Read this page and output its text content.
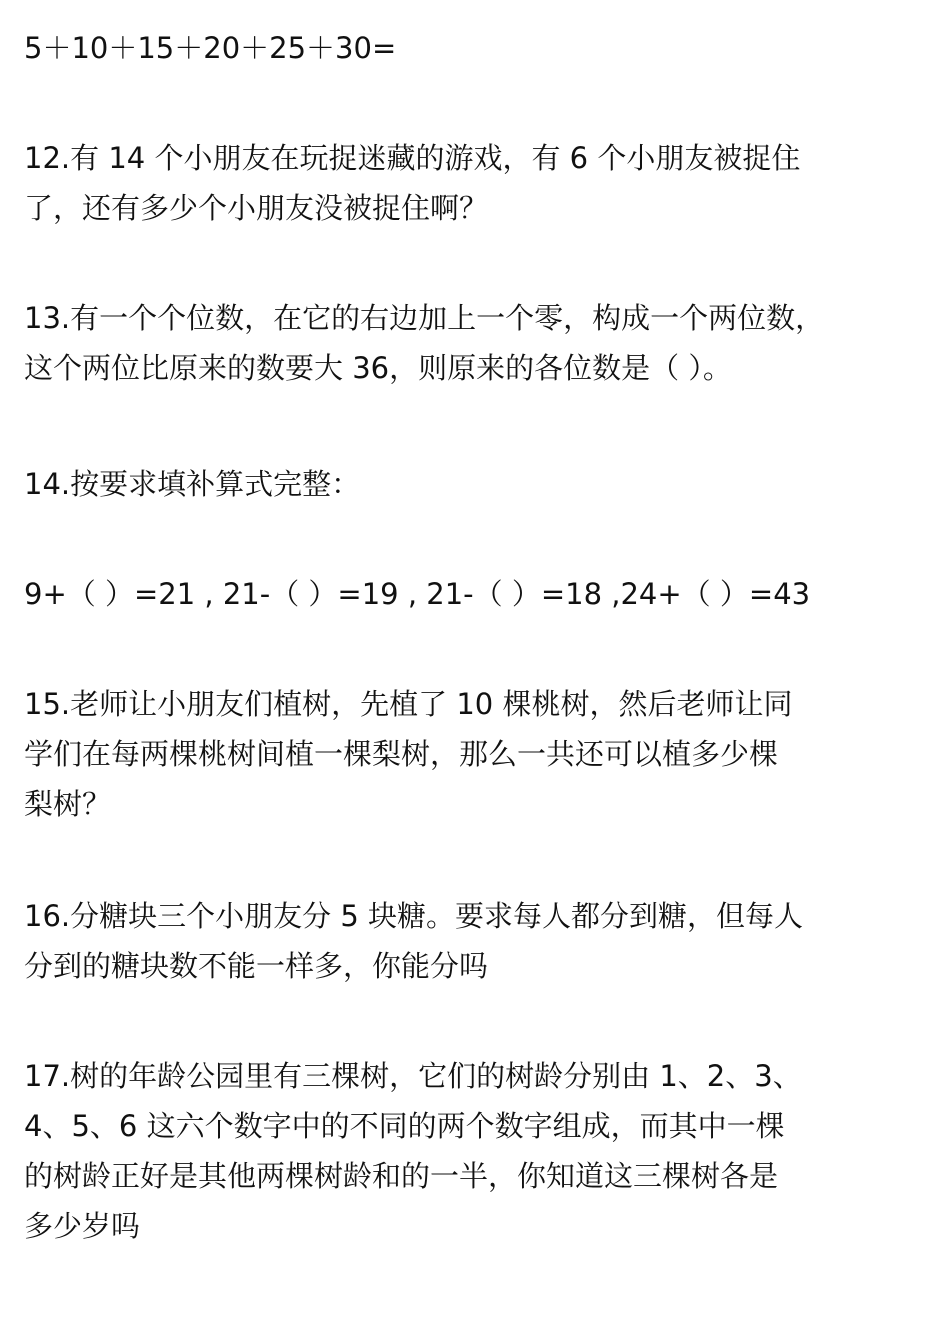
5＋10＋15＋20＋25＋30=
12.有 14 个小朋友在玩捉迷藏的游戏，有 6 个小朋友被捉住
了，还有多少个小朋友没被捉住啊？
13.有一个个位数，在它的右边加上一个零，构成一个两位数，
这个两位比原来的数要大 36，则原来的各位数是（ ）。
14.按要求填补算式完整：
9+（ ）=21 , 21-（ ）=19 , 21-（ ）=18 ,24+（ ）=43
15.老师让小朋友们植树，先植了 10 棵桃树，然后老师让同
学们在每两棵桃树间植一棵梨树，那么一共还可以植多少棵
梨树？
16.分糖块三个小朋友分 5 块糖。要求每人都分到糖，但每人
分到的糖块数不能一样多，你能分吗
17.树的年龄公园里有三棵树，它们的树龄分别由 1、2、3、
4、5、6 这六个数字中的不同的两个数字组成，而其中一棵
的树龄正好是其他两棵树龄和的一半，你知道这三棵树各是
多少岁吗
